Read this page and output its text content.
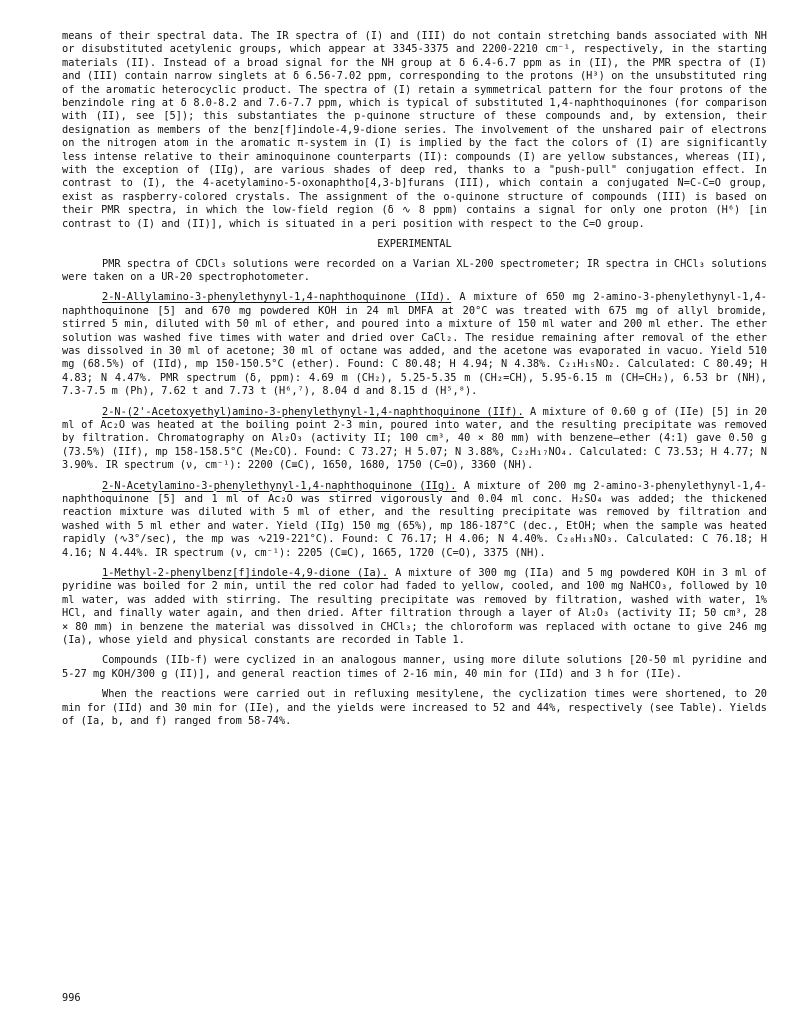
means of their spectral data. The IR spectra of (I) and (III) do not contain stretching bands associated with NH or disubstituted acetylenic groups, which appear at 3345-3375 and 2200-2210 cm⁻¹, respectively, in the starting materials (II). Instead of a broad signal for the NH group at δ 6.4-6.7 ppm as in (II), the PMR spectra of (I) and (III) contain narrow singlets at δ 6.56-7.02 ppm, corresponding to the protons (H³) on the unsubstituted ring of the aromatic heterocyclic product. The spectra of (I) retain a symmetrical pattern for the four protons of the benzindole ring at δ 8.0-8.2 and 7.6-7.7 ppm, which is typical of substituted 1,4-naphthoquinones (for comparison with (II), see [5]); this substantiates the p-quinone structure of these compounds and, by extension, their designation as members of the benz[f]indole-4,9-dione series. The involvement of the unshared pair of electrons on the nitrogen atom in the aromatic π-system in (I) is implied by the fact the colors of (I) are significantly less intense relative to their aminoquinone counterparts (II): compounds (I) are yellow substances, whereas (II), with the exception of (IIg), are various shades of deep red, thanks to a "push-pull" conjugation effect. In contrast to (I), the 4-acetylamino-5-oxonaphtho[4,3-b]furans (III), which contain a conjugated N=C-C=O group, exist as raspberry-colored crystals. The assignment of the o-quinone structure of compounds (III) is based on their PMR spectra, in which the low-field region (δ ∿ 8 ppm) contains a signal for only one proton (H⁶) [in contrast to (I) and (II)], which is situated in a peri position with respect to the C=O group.

EXPERIMENTAL

PMR spectra of CDCl₃ solutions were recorded on a Varian XL-200 spectrometer; IR spectra in CHCl₃ solutions were taken on a UR-20 spectrophotometer.

2-N-Allylamino-3-phenylethynyl-1,4-naphthoquinone (IId). A mixture of 650 mg 2-amino-3-phenylethynyl-1,4-naphthoquinone [5] and 670 mg powdered KOH in 24 ml DMFA at 20°C was treated with 675 mg of allyl bromide, stirred 5 min, diluted with 50 ml of ether, and poured into a mixture of 150 ml water and 200 ml ether. The ether solution was washed five times with water and dried over CaCl₂. The residue remaining after removal of the ether was dissolved in 30 ml of acetone; 30 ml of octane was added, and the acetone was evaporated in vacuo. Yield 510 mg (68.5%) of (IId), mp 150-150.5°C (ether). Found: C 80.48; H 4.94; N 4.38%. C₂₁H₁₅NO₂. Calculated: C 80.49; H 4.83; N 4.47%. PMR spectrum (δ, ppm): 4.69 m (CH₂), 5.25-5.35 m (CH₂=CH), 5.95-6.15 m (CH=CH₂), 6.53 br (NH), 7.3-7.5 m (Ph), 7.62 t and 7.73 t (H⁶,⁷), 8.04 d and 8.15 d (H⁵,⁸).

2-N-(2'-Acetoxyethyl)amino-3-phenylethynyl-1,4-naphthoquinone (IIf). A mixture of 0.60 g of (IIe) [5] in 20 ml of Ac₂O was heated at the boiling point 2-3 min, poured into water, and the resulting precipitate was removed by filtration. Chromatography on Al₂O₃ (activity II; 100 cm³, 40 × 80 mm) with benzene–ether (4:1) gave 0.50 g (73.5%) (IIf), mp 158-158.5°C (Me₂CO). Found: C 73.27; H 5.07; N 3.88%, C₂₂H₁₇NO₄. Calculated: C 73.53; H 4.77; N 3.90%. IR spectrum (ν, cm⁻¹): 2200 (C≡C), 1650, 1680, 1750 (C=O), 3360 (NH).

2-N-Acetylamino-3-phenylethynyl-1,4-naphthoquinone (IIg). A mixture of 200 mg 2-amino-3-phenylethynyl-1,4-naphthoquinone [5] and 1 ml of Ac₂O was stirred vigorously and 0.04 ml conc. H₂SO₄ was added; the thickened reaction mixture was diluted with 5 ml of ether, and the resulting precipitate was removed by filtration and washed with 5 ml ether and water. Yield (IIg) 150 mg (65%), mp 186-187°C (dec., EtOH; when the sample was heated rapidly (∿3°/sec), the mp was ∿219-221°C). Found: C 76.17; H 4.06; N 4.40%. C₂₀H₁₃NO₃. Calculated: C 76.18; H 4.16; N 4.44%. IR spectrum (ν, cm⁻¹): 2205 (C≡C), 1665, 1720 (C=O), 3375 (NH).

1-Methyl-2-phenylbenz[f]indole-4,9-dione (Ia). A mixture of 300 mg (IIa) and 5 mg powdered KOH in 3 ml of pyridine was boiled for 2 min, until the red color had faded to yellow, cooled, and 100 mg NaHCO₃, followed by 10 ml water, was added with stirring. The resulting precipitate was removed by filtration, washed with water, 1% HCl, and finally water again, and then dried. After filtration through a layer of Al₂O₃ (activity II; 50 cm³, 28 × 80 mm) in benzene the material was dissolved in CHCl₃; the chloroform was replaced with octane to give 246 mg (Ia), whose yield and physical constants are recorded in Table 1.

Compounds (IIb-f) were cyclized in an analogous manner, using more dilute solutions [20-50 ml pyridine and 5-27 mg KOH/300 g (II)], and general reaction times of 2-16 min, 40 min for (IId) and 3 h for (IIe).

When the reactions were carried out in refluxing mesitylene, the cyclization times were shortened, to 20 min for (IId) and 30 min for (IIe), and the yields were increased to 52 and 44%, respectively (see Table). Yields of (Ia, b, and f) ranged from 58-74%.

996
